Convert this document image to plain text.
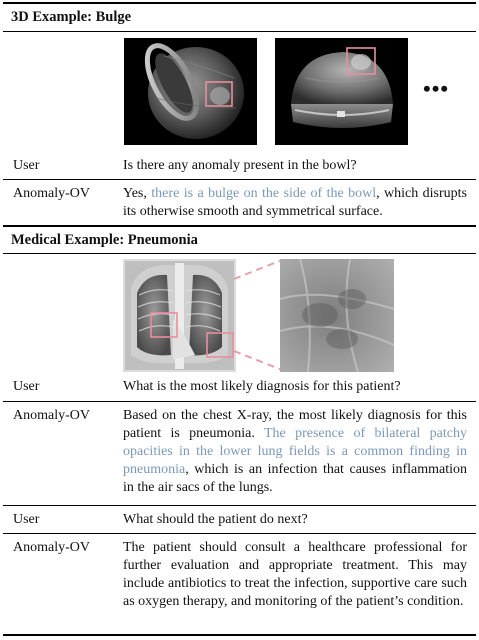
3D Example: Bulge
•••
User	Is there any anomaly present in the bowl?
Anomaly-OV Yes, there is a bulge on the side of the bowl, which disrupts its otherwise smooth and symmetrical surface.
Medical Example: Pneumonia
User	What is the most likely diagnosis for this patient?
Anomaly-OV Based on the chest X-ray, the most likely diagnosis for this patient is pneumonia. The presence of bilateral patchy opacities in the lower lung fields is a common finding in pneumonia, which is an infection that causes inflammation in the air sacs of the lungs.
User	What should the patient do next?
Anomaly-OV The patient should consult a healthcare professional for further evaluation and appropriate treatment. This may include antibiotics to treat the infection, supportive care such as oxygen therapy, and monitoring of the patient’s condition.
